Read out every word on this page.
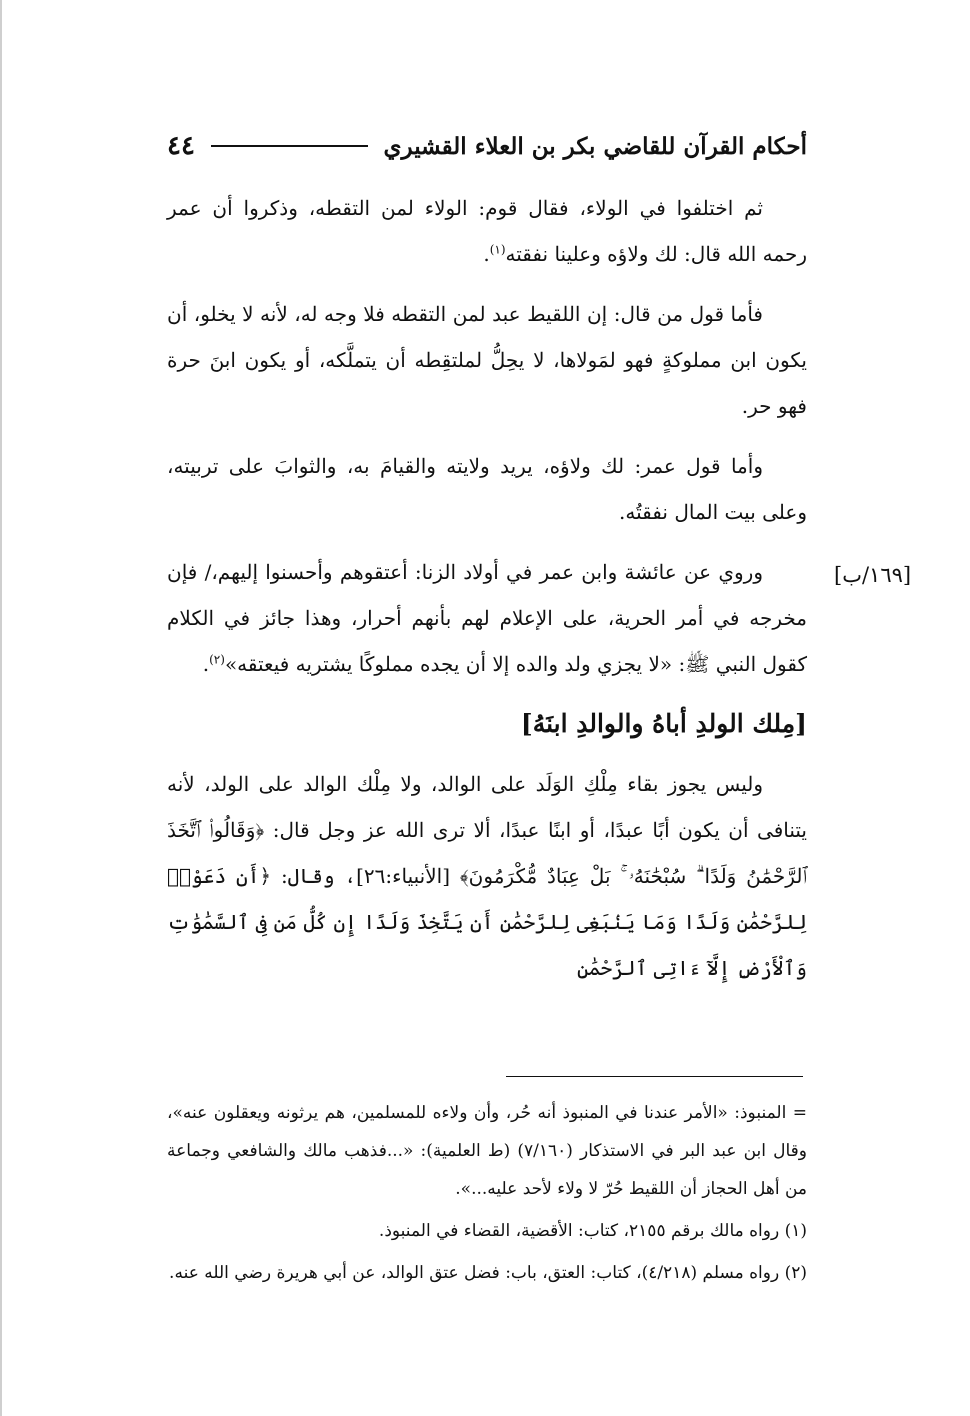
أحكام القرآن للقاضي بكر بن العلاء القشيري
٤٤
[١٦٩/ب]

ثم اختلفوا في الولاء، فقال قوم: الولاء لمن التقطه، وذكروا أن عمر رحمه الله قال: لك ولاؤه وعلينا نفقته$^{(١)}$.

فأما قول من قال: إن اللقيط عبد لمن التقطه فلا وجه له، لأنه لا يخلو، أن يكون ابن مملوكةٍ فهو لمَولاها، لا يحِلُّ لملتقِطه أن يتملَّكه، أو يكون ابنَ حرة فهو حر.

وأما قول عمر: لك ولاؤه، يريد ولايته والقيامَ به، والثوابَ على تربيته، وعلى بيت المال نفقتُه.

وروي عن عائشة وابن عمر في أولاد الزنا: أعتقوهم وأحسنوا إليهم،/ فإن مخرجه في أمر الحرية، على الإعلام لهم بأنهم أحرار، وهذا جائز في الكلام كقول النبي ﷺ: «لا يجزي ولد والده إلا أن يجده مملوكًا يشتريه فيعتقه»$^{(٢)}$.

[مِلك الولدِ أباهُ والوالدِ ابنَهُ]

وليس يجوز بقاء مِلْكِ الوَلَد على الوالد، ولا مِلْك الوالد على الولد، لأنه يتنافى أن يكون أبًا عبدًا، أو ابنًا عبدًا، ألا ترى الله عز وجل قال: ﴿وَقَالُوا۟ ٱتَّخَذَ ٱلرَّحْمَٰنُ وَلَدًا ۗ سُبْحَٰنَهُۥ ۚ بَلْ عِبَادٌ مُّكْرَمُونَ﴾ [الأنبياء:٢٦]، وقال: ﴿أَن دَعَوْا۟ لِلرَّحْمَٰنِ وَلَدًا وَمَا يَنۢبَغِى لِلرَّحْمَٰنِ أَن يَتَّخِذَ وَلَدًا إِن كُلُّ مَن فِى ٱلسَّمَٰوَٰتِ وَٱلْأَرْضِ إِلَّآ ءَاتِى ٱلرَّحْمَٰنِ

= المنبوذ: «الأمر عندنا في المنبوذ أنه حُر، وأن ولاءه للمسلمين، هم يرثونه ويعقلون عنه»، وقال ابن عبد البر في الاستذكار (٧/١٦٠) (ط العلمية): «...فذهب مالك والشافعي وجماعة من أهل الحجاز أن اللقيط حُرّ لا ولاء لأحد عليه...».

(١) رواه مالك برقم ٢١٥٥، كتاب: الأقضية، القضاء في المنبوذ.

(٢) رواه مسلم (٤/٢١٨)، كتاب: العتق، باب: فضل عتق الوالد، عن أبي هريرة رضي الله عنه.
